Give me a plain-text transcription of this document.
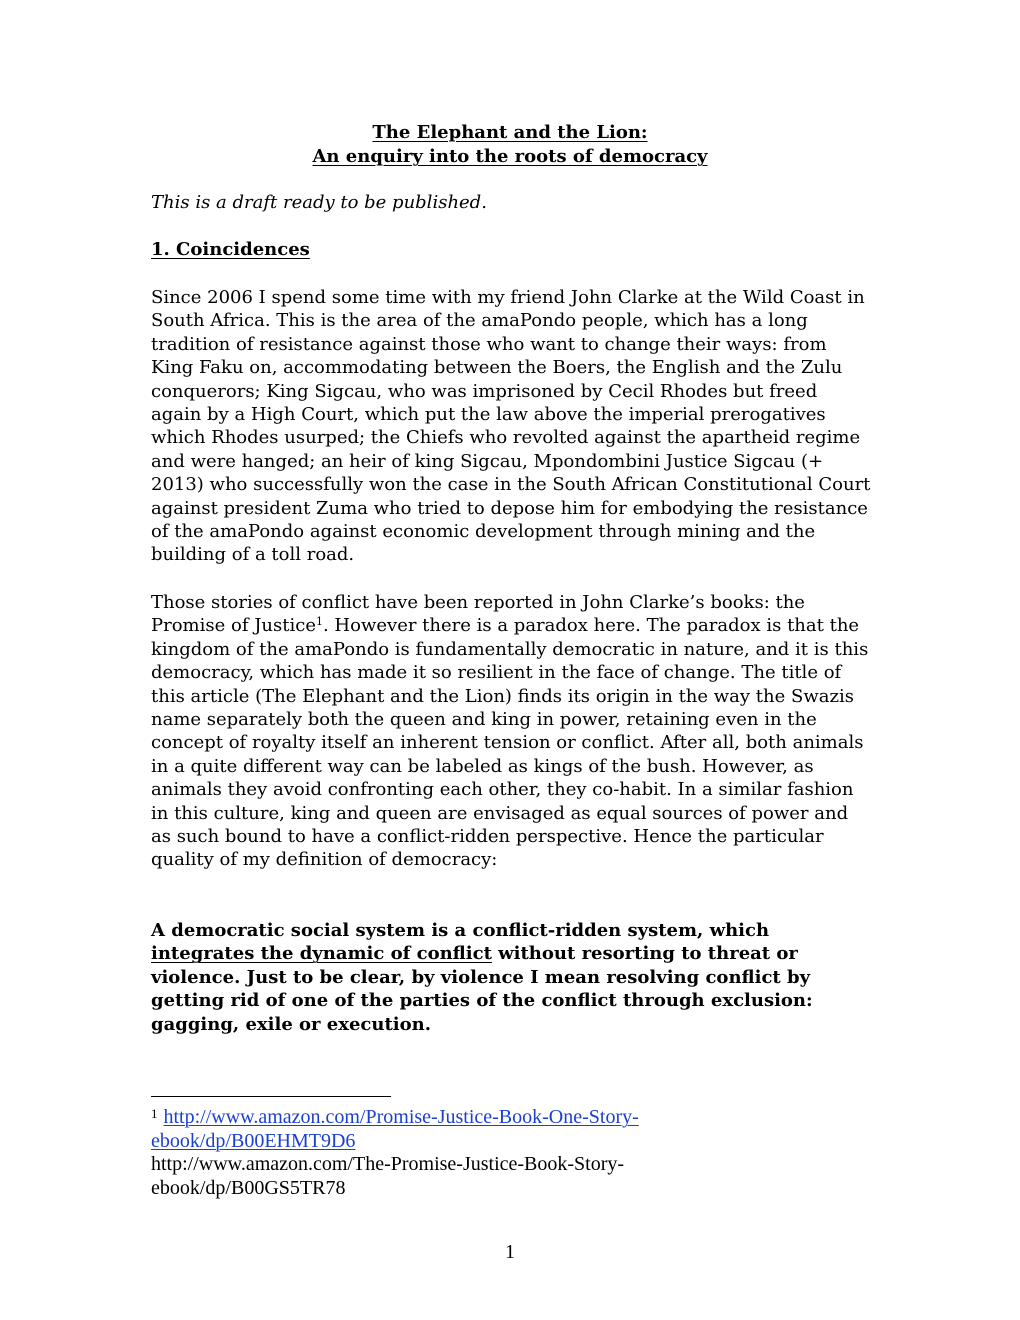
The Elephant and the Lion:
An enquiry into the roots of democracy
This is a draft ready to be published.
1. Coincidences

Since 2006 I spend some time with my friend John Clarke at the Wild Coast in South Africa. This is the area of the amaPondo people, which has a long tradition of resistance against those who want to change their ways: from King Faku on, accommodating between the Boers, the English and the Zulu conquerors; King Sigcau, who was imprisoned by Cecil Rhodes but freed again by a High Court, which put the law above the imperial prerogatives which Rhodes usurped; the Chiefs who revolted against the apartheid regime and were hanged; an heir of king Sigcau, Mpondombini Justice Sigcau (+ 2013) who successfully won the case in the South African Constitutional Court against president Zuma who tried to depose him for embodying the resistance of the amaPondo against economic development through mining and the building of a toll road.

Those stories of conflict have been reported in John Clarke’s books: the Promise of Justice$^1$. However there is a paradox here. The paradox is that the kingdom of the amaPondo is fundamentally democratic in nature, and it is this democracy, which has made it so resilient in the face of change. The title of this article (The Elephant and the Lion) finds its origin in the way the Swazis name separately both the queen and king in power, retaining even in the concept of royalty itself an inherent tension or conflict. After all, both animals in a quite different way can be labeled as kings of the bush. However, as animals they avoid confronting each other, they co-habit. In a similar fashion in this culture, king and queen are envisaged as equal sources of power and as such bound to have a conflict-ridden perspective. Hence the particular quality of my definition of democracy:

A democratic social system is a conflict-ridden system, which integrates the dynamic of conflict without resorting to threat or violence. Just to be clear, by violence I mean resolving conflict by getting rid of one of the parties of the conflict through exclusion: gagging, exile or execution.

$^1$ http://www.amazon.com/Promise-Justice-Book-One-Story-
ebook/dp/B00EHMT9D6
http://www.amazon.com/The-Promise-Justice-Book-Story-
ebook/dp/B00GS5TR78
1
